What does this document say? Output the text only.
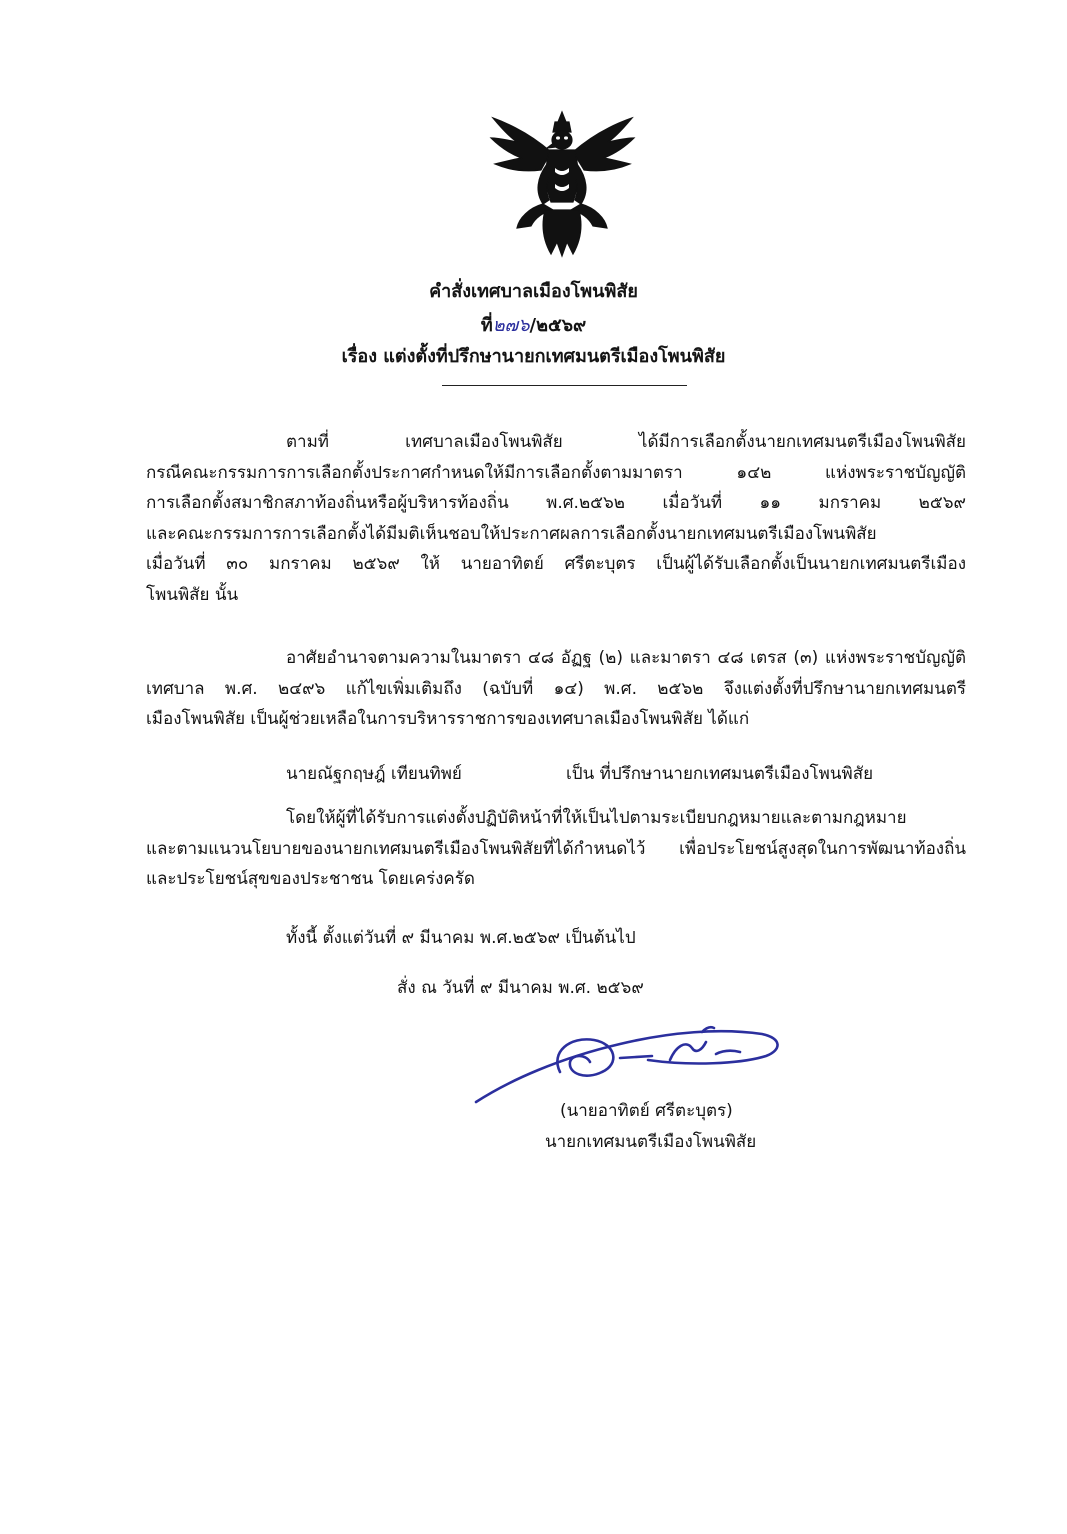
คำสั่งเทศบาลเมืองโพนพิสัย
ที่๒๗๖/๒๕๖๙
เรื่อง แต่งตั้งที่ปรึกษานายกเทศมนตรีเมืองโพนพิสัย
ตามที่ เทศบาลเมืองโพนพิสัย ได้มีการเลือกตั้งนายกเทศมนตรีเมืองโพนพิสัย
กรณีคณะกรรมการการเลือกตั้งประกาศกำหนดให้มีการเลือกตั้งตามมาตรา ๑๔๒ แห่งพระราชบัญญัติ
การเลือกตั้งสมาชิกสภาท้องถิ่นหรือผู้บริหารท้องถิ่น พ.ศ.๒๕๖๒ เมื่อวันที่ ๑๑ มกราคม ๒๕๖๙
และคณะกรรมการการเลือกตั้งได้มีมติเห็นชอบให้ประกาศผลการเลือกตั้งนายกเทศมนตรีเมืองโพนพิสัย
เมื่อวันที่ ๓๐ มกราคม ๒๕๖๙ ให้ นายอาทิตย์ ศรีตะบุตร เป็นผู้ได้รับเลือกตั้งเป็นนายกเทศมนตรีเมือง
โพนพิสัย นั้น
อาศัยอำนาจตามความในมาตรา ๔๘ อัฏฐ (๒) และมาตรา ๔๘ เตรส (๓) แห่งพระราชบัญญัติ
เทศบาล พ.ศ. ๒๔๙๖ แก้ไขเพิ่มเติมถึง (ฉบับที่ ๑๔) พ.ศ. ๒๕๖๒ จึงแต่งตั้งที่ปรึกษานายกเทศมนตรี
เมืองโพนพิสัย เป็นผู้ช่วยเหลือในการบริหารราชการของเทศบาลเมืองโพนพิสัย ได้แก่
นายณัฐกฤษฎ์ เทียนทิพย์	เป็น ที่ปรึกษานายกเทศมนตรีเมืองโพนพิสัย
โดยให้ผู้ที่ได้รับการแต่งตั้งปฏิบัติหน้าที่ให้เป็นไปตามระเบียบกฎหมายและตามกฎหมาย
และตามแนวนโยบายของนายกเทศมนตรีเมืองโพนพิสัยที่ได้กำหนดไว้ เพื่อประโยชน์สูงสุดในการพัฒนาท้องถิ่น
และประโยชน์สุขของประชาชน โดยเคร่งครัด
ทั้งนี้ ตั้งแต่วันที่ ๙ มีนาคม พ.ศ.๒๕๖๙ เป็นต้นไป
สั่ง ณ วันที่ ๙ มีนาคม พ.ศ. ๒๕๖๙
(นายอาทิตย์ ศรีตะบุตร)
นายกเทศมนตรีเมืองโพนพิสัย
